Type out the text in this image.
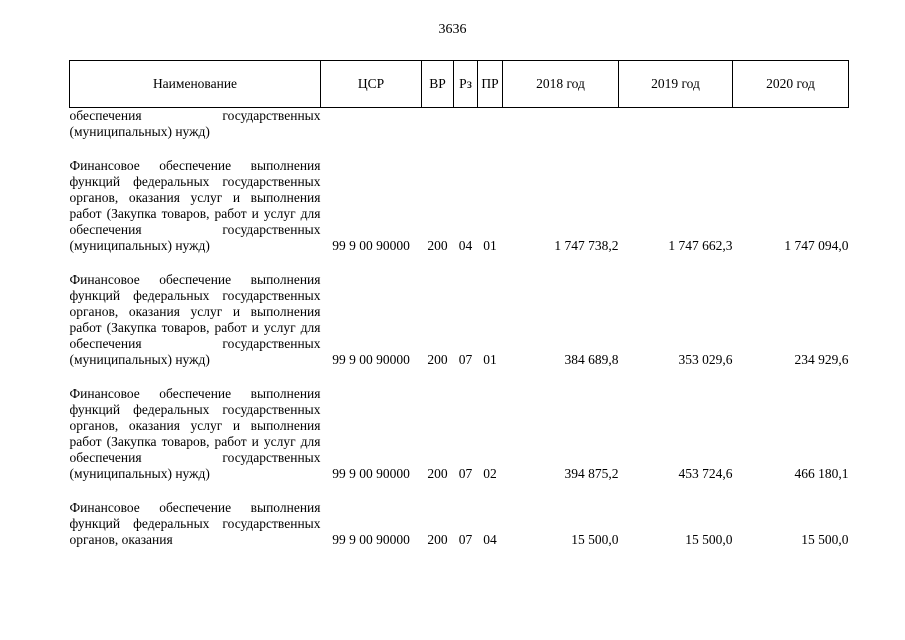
3636
Наименование	ЦСР	ВР	Рз	ПР	2018 год	2019 год	2020 год
обеспечения государственных (муниципальных) нужд)							

Финансовое обеспечение выполнения функций федеральных государственных органов, оказания услуг и выполнения работ (Закупка товаров, работ и услуг для обеспечения государственных (муниципальных) нужд)	99 9 00 90000	200	04	01	1 747 738,2	1 747 662,3	1 747 094,0

Финансовое обеспечение выполнения функций федеральных государственных органов, оказания услуг и выполнения работ (Закупка товаров, работ и услуг для обеспечения государственных (муниципальных) нужд)	99 9 00 90000	200	07	01	384 689,8	353 029,6	234 929,6

Финансовое обеспечение выполнения функций федеральных государственных органов, оказания услуг и выполнения работ (Закупка товаров, работ и услуг для обеспечения государственных (муниципальных) нужд)	99 9 00 90000	200	07	02	394 875,2	453 724,6	466 180,1

Финансовое обеспечение выполнения функций федеральных государственных органов, оказания	99 9 00 90000	200	07	04	15 500,0	15 500,0	15 500,0
